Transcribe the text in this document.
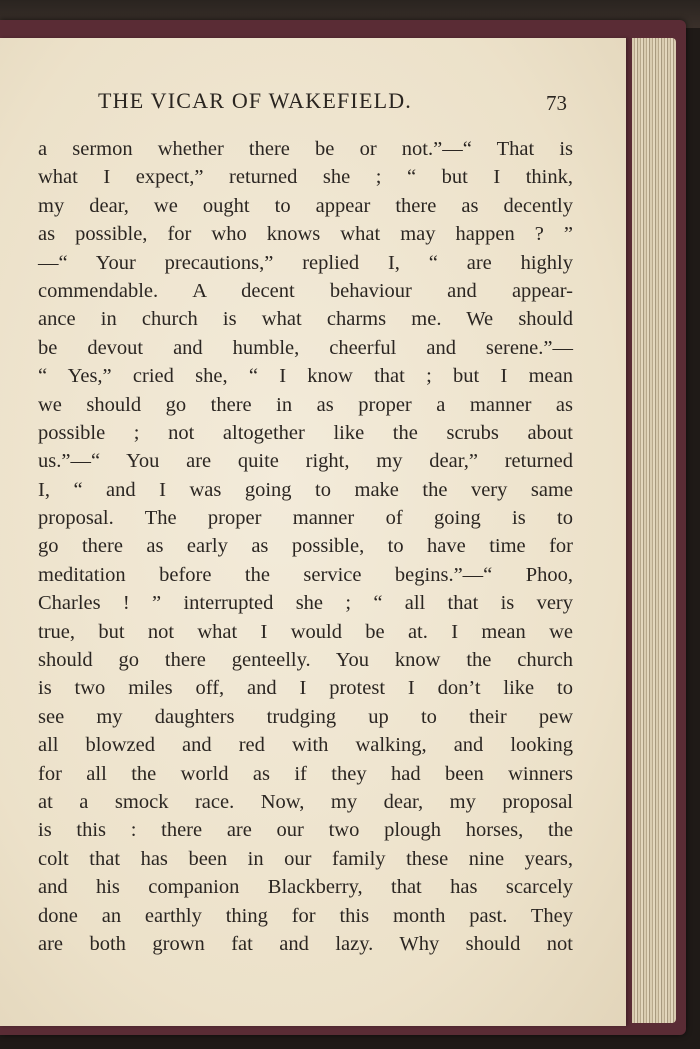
THE VICAR OF WAKEFIELD.	73
a sermon whether there be or not.”—“ That is
what I expect,” returned she ; “ but I think,
my dear, we ought to appear there as decently
as possible, for who knows what may happen ? ”
—“ Your precautions,” replied I, “ are highly
commendable. A decent behaviour and appear-
ance in church is what charms me. We should
be devout and humble, cheerful and serene.”—
“ Yes,” cried she, “ I know that ; but I mean
we should go there in as proper a manner as
possible ; not altogether like the scrubs about
us.”—“ You are quite right, my dear,” returned
I, “ and I was going to make the very same
proposal. The proper manner of going is to
go there as early as possible, to have time for
meditation before the service begins.”—“ Phoo,
Charles ! ” interrupted she ; “ all that is very
true, but not what I would be at. I mean we
should go there genteelly. You know the church
is two miles off, and I protest I don’t like to
see my daughters trudging up to their pew
all blowzed and red with walking, and looking
for all the world as if they had been winners
at a smock race. Now, my dear, my proposal
is this : there are our two plough horses, the
colt that has been in our family these nine years,
and his companion Blackberry, that has scarcely
done an earthly thing for this month past. They
are both grown fat and lazy. Why should not
